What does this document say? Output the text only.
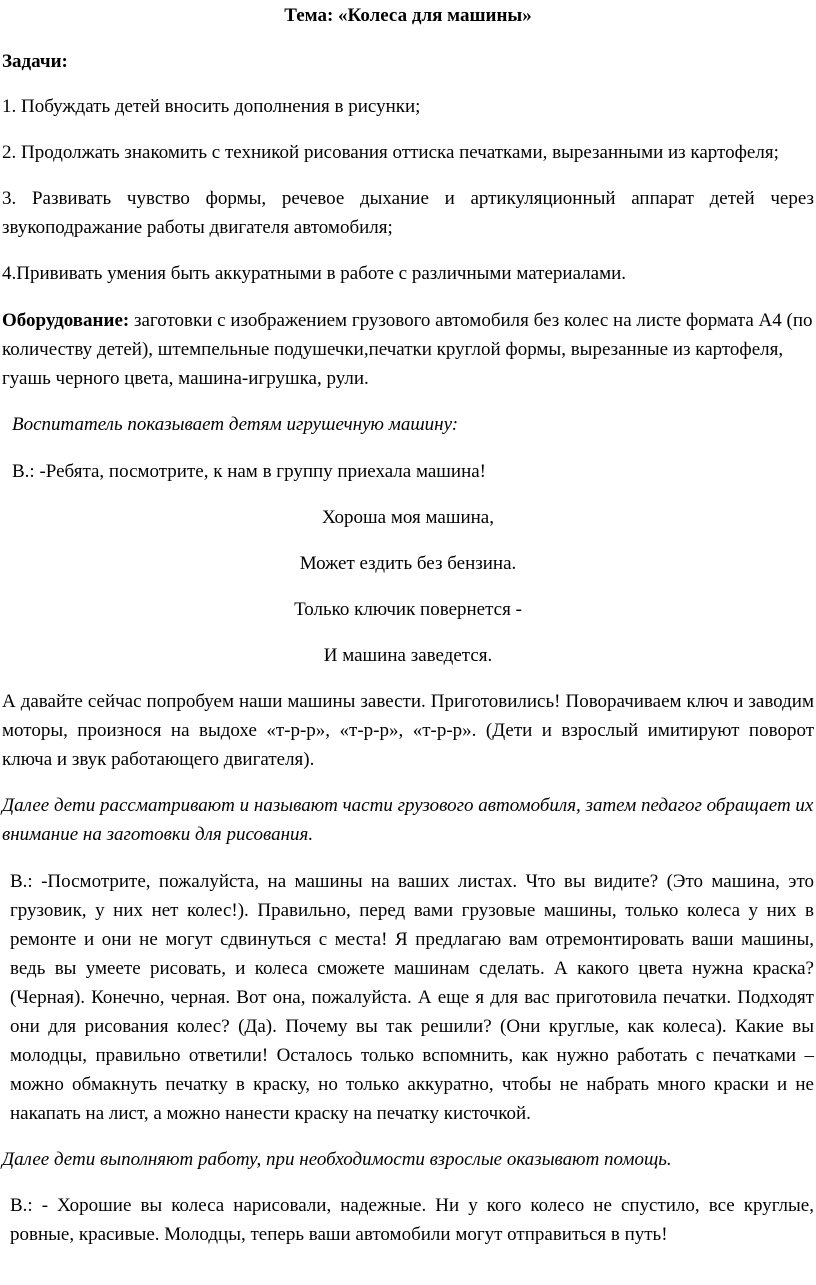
Тема: «Колеса для машины»

Задачи:

1. Побуждать детей вносить дополнения в рисунки;

2. Продолжать знакомить с техникой рисования оттиска печатками, вырезанными из картофеля;

3. Развивать чувство формы, речевое дыхание и артикуляционный аппарат детей через звукоподражание работы двигателя автомобиля;

4.Прививать умения быть аккуратными в работе с различными материалами.

Оборудование: заготовки с изображением грузового автомобиля без колес на листе формата А4 (по количеству детей), штемпельные подушечки,печатки круглой формы, вырезанные из картофеля, гуашь черного цвета, машина-игрушка, рули.

Воспитатель показывает детям игрушечную машину:

В.: -Ребята, посмотрите, к нам в группу приехала машина!

Хороша моя машина,

Может ездить без бензина.

Только ключик повернется -

И машина заведется.

А давайте сейчас попробуем наши машины завести. Приготовились! Поворачиваем ключ и заводим моторы, произнося на выдохе «т-р-р», «т-р-р», «т-р-р». (Дети и взрослый имитируют поворот ключа и звук работающего двигателя).

Далее дети рассматривают и называют части грузового автомобиля, затем педагог обращает их внимание на заготовки для рисования.

В.: -Посмотрите, пожалуйста, на машины на ваших листах. Что вы видите? (Это машина, это грузовик, у них нет колес!). Правильно, перед вами грузовые машины, только колеса у них в ремонте и они не могут сдвинуться с места! Я предлагаю вам отремонтировать ваши машины, ведь вы умеете рисовать, и колеса сможете машинам сделать. А какого цвета нужна краска? (Черная). Конечно, черная. Вот она, пожалуйста. А еще я для вас приготовила печатки. Подходят они для рисования колес? (Да). Почему вы так решили? (Они круглые, как колеса). Какие вы молодцы, правильно ответили! Осталось только вспомнить, как нужно работать с печатками – можно обмакнуть печатку в краску, но только аккуратно, чтобы не набрать много краски и не накапать на лист, а можно нанести краску на печатку кисточкой.

Далее дети выполняют работу, при необходимости взрослые оказывают помощь.

В.: - Хорошие вы колеса нарисовали, надежные. Ни у кого колесо не спустило, все круглые, ровные, красивые. Молодцы, теперь ваши автомобили могут отправиться в путь!
